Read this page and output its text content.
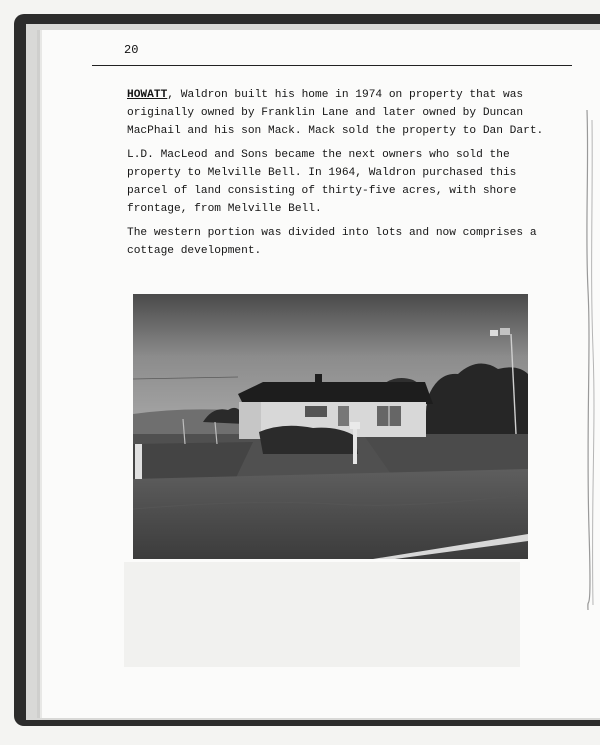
20

HOWATT, Waldron built his home in 1974 on property that was
originally owned by Franklin Lane and later owned by Duncan
MacPhail and his son Mack. Mack sold the property to Dan Dart.

L.D. MacLeod and Sons became the next owners who sold the
property to Melville Bell. In 1964, Waldron purchased this
parcel of land consisting of thirty-five acres, with shore
frontage, from Melville Bell.

The western portion was divided into lots and now comprises a
cottage development.
